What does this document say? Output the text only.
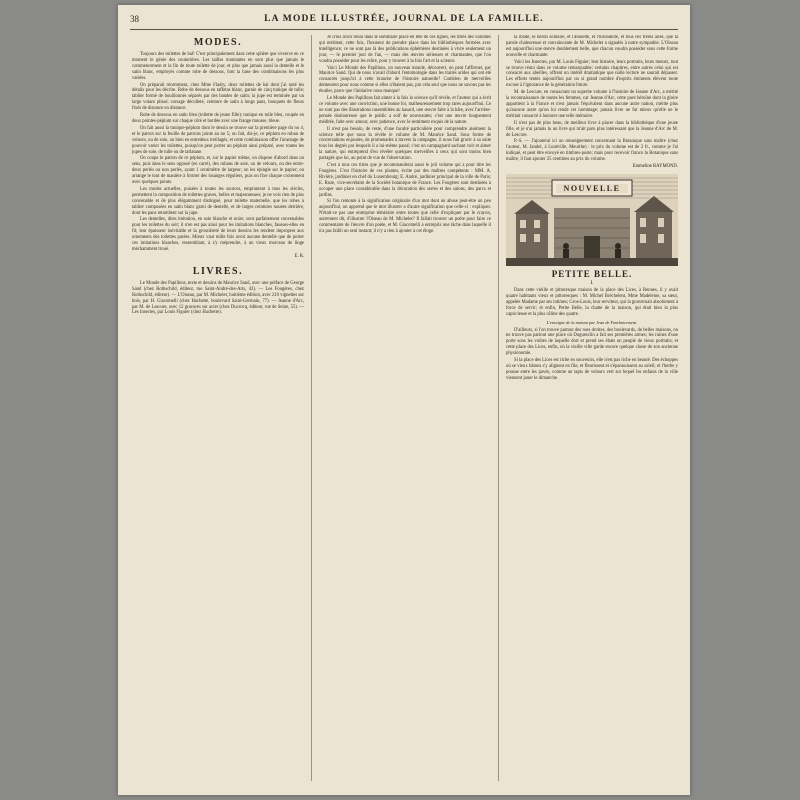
38	LA MODE ILLUSTRÉE, JOURNAL DE LA FAMILLE.
MODES.

Toujours des toilettes de bal! C'est principalement dans cette sphère que s'exerce en ce moment le génie des couturières. Les tailles montantes en sont plus que jamais le commencement et la fin de toute toilette de jour, et plus que jamais aussi la dentelle et le satin blanc, employés comme robe de dessous, font la base des combinaisons les plus variées.

On préparait récemment, chez Mme Fladry, deux toilettes de bal dont j'ai noté les détails pour les décrire. Robe de dessous en taffetas blanc, garnie de cinq tunique de tulle; tablier formé de bouillonnés séparés par des bandes de satin; la jupe est terminée par un large volant plissé; corsage décolleté, ceinture de satin à longs pans, bouquets de fleurs fixés de distance en distance.

Robe de dessous en satin bleu (toilette de jeune fille); tunique en tulle bleu, coupée en deux pointes-péplum sur chaque côté et bordée avec une frange mousse, bleue.

On fait aussi la tunique-péplum dont le dessin se trouve sur la première page du no 4, et le patron sur la feuille de patrons jointe au no 5; on fait, dis-je, ce péplum en ruban de velours, ou de soie, ou bien en entredeux treillagés, et cette combinaison offre l'avantage de pouvoir varier les toilettes, puisqu'on peut porter un péplum ainsi préparé, avec toutes les jupes de soie, de tulle ou de tarlatane.

On coupe le patron de ce péplum, et, sur le papier même, on dispose d'abord dans un sens, puis dans le sens opposé (en carré), des rubans de soie, ou de velours, ou des entre-deux perlés ou non perlés, ayant 1 centimètre de largeur; on les épingle sur le papier; on arrange le tout de manière à former des losanges réguliers, puis on fixe chaque croisement avec quelques points.

Les modes actuelles, puisées à toutes les sources, empruntent à tous les siècles, permettent la composition de toilettes graves, belles et majestueuses; je ne vois rien de plus convenable et de plus élégamment distingué, pour toilette maternelle, que les robes à tablier composées en satin blanc garni de dentelle, et de larges ceintures nouées derrière, dont les pans retombent sur la jupe.

Les dentelles, dites imitation, en soie blanche et noire, sont parfaitement convenables pour les toilettes du soir; il n'en est pas ainsi pour les imitations blanches, fausses-elles en fil; leur épaisseur inévitable et la grossièreté de leurs dessins les rendent impropres aux ornements des toilettes parées. Mieux vaut mille fois avoir aucune dentelle que de porter ces imitations blanches, ressemblant, à s'y méprendre, à un vieux morceau de linge méchamment troué.

E. R.
LIVRES.

Le Monde des Papillons, texte et dessins de Maurice Sand, avec une préface de George Sand (chez Rothschild, éditeur, rue Saint-André-des-Arts, 43). — Les Fougères, chez Rothschild, éditeur). — L'Oiseau, par M. Michelet, huitième édition, avec 210 vignettes sur bois, par H. Giacomelli (chez Hachette, boulevard Saint-Germain, 77). — Jeanne d'Arc, par M. de Lescure, avec 12 gravures sur acier (chez Ducrocq, éditeur, rue de Seine, 55). — Les Insectes, par Louis Figuier (chez Hachette).

Je crois avoir réuni dans le sommaire placé en tête de ces lignes, les titres des volumes qui méritent, cette fois, l'honneur de prendre place dans les bibliothèques formées avec intelligence; ce ne sont pas là des publications éphémères destinées à vivre seulement un jour, — le premier jour de l'an, — mais des œuvres sérieuses et charmantes, que l'on voudra posséder pour les relire, pour y trouver à la fois l'art et la science.

Voici Le Monde des Papillons, un nouveau monde, découvert, on peut l'affirmer, par Maurice Sand. Qui de nous n'avait d'abord l'entomologie dans les traités arides qui ont été consacrés jusqu'ici à cette branche de l'histoire naturelle? Combien de merveilles demeurent pour nous comme si elles n'étaient pas, par cela seul que nous ne savons pas les étudier, parce que l'initiative nous manque!

Le Monde des Papillons fait aimer à la fois la science qu'il révèle, et l'auteur qui a écrit ce volume avec une conviction, une bonne foi, malheureusement trop rares aujourd'hui. Ce ne sont pas des illustrations rassemblées au hasard, une œuvre faite à la hâte, avec l'arrière-pensée douloureuse que le public a soif de nouveautés; c'est une œuvre longuement méditée, faite avec amour, avec patience, avec le sentiment exquis de la nature.

Il n'est pas besoin, de reste, d'une faculté particulière pour comprendre aisément la science telle que nous la révèle le volume de M. Maurice Sand. Sous forme de conversations enjouées, de promenades à travers la campagne, il nous fait gravir à sa suite tous les degrés par lesquels il a lui-même passé; c'est un campagnard sachant voir et aimer la nature, qui entreprend d'en révéler quelques merveilles à ceux qui sont moins bien partagés que lui, au point de vue de l'observation.

C'est à tous ces titres que je recommanderai aussi le joli volume qui a pour titre les Fougères. C'est l'histoire de ces plantes, écrite par des maîtres compétents : MM. A. Rivière, jardinier en chef du Luxembourg; E. André, jardinier principal de la ville de Paris; E. Roze, vice-secrétaire de la Société botanique de France. Les Fougères sont destinées à occuper une place considérable dans la décoration des serres et des salons, des parcs et jardins.

Si l'on remonte à la signification originaire d'un mot dont on abuse peut-être un peu aujourd'hui, on apprend que le mot illustrer a d'autre signification que celle-ci : expliquer. N'était-ce pas une entreprise téméraire entre toutes que celle d'expliquer par le crayon, autrement dit, d'illustrer l'Oiseau de M. Michelet? Il fallait trouver un poète pour faire ce commentaire de l'œuvre d'un poète, et M. Giacomelli a entrepris une tâche dans laquelle il n'a pas faibli un seul instant; il n'y a rien à ajouter à cet éloge.

la mode, le héron solitaire, et l'alouette, et l'hirondelle, et tous ces frères ailés, que la parole chaleureuse et convaincante de M. Michelet a signalés à notre sympathie. L'Oiseau est aujourd'hui une œuvre doublement belle, que chacun voudra posséder sous cette forme nouvelle et charmante.

Voici les Insectes, par M. Louis Figuier; leur histoire, leurs portraits, leurs mœurs, tout se trouve réuni dans ce volume remarquable; certains chapitres, entre autres celui qui est consacré aux abeilles, offrent un intérêt dramatique que nulle lecture ne saurait dépasser. Les efforts tentés aujourd'hui par un si grand nombre d'esprits éminents élèvent toute excuse à l'ignorance de la génération future.

M. de Lescure, en consacrant un superbe volume à l'histoire de Jeanne d'Arc, a mérité la reconnaissance de toutes les femmes, car Jeanne d'Arc, cette pure héroïne dont la gloire appartient à la France et n'est jamais l'équivalent dans aucune autre nation, mérite plus qu'aucune autre qu'on lui rende cet hommage; jamais livre ne fut mieux qu'elle ne le méritait consacré à honorer une telle mémoire.

Il n'est pas de plus beau, de meilleur livre à placer dans la bibliothèque d'une jeune fille, et je n'ai jamais lu un livre qui m'ait paru plus intéressant que la Jeanne d'Arc de M. de Lescure.

P.-S. — J'ajouterai ici un renseignement concernant la Botanique sans maître (chez l'auteur, M. Jandel, à Lunéville, Meurthe) : le prix du volume est de 2 fr., comme je l'ai indiqué, et peut être envoyé en timbres-poste; mais pour recevoir franco la Botanique sans maître, il faut ajouter 25 centimes au prix du volume.

Emmeline RAYMOND.
NOUVELLE
PETITE BELLE.
I.

Dans cette vieille et pittoresque maison de la place des Lices, à Rennes, il y avait quatre habitants vieux et pittoresques : M. Michel Bréchelent, Mme Madeleine, sa sœur, appelée Madame par ses intimes; Gros-Louis, leur serviteur, qui la gouvernait absolument à force de servir; et enfin, Petite Belle, la chatte de la maison, qui était bien la plus capricieuse et la plus câline des quatre.

L'enseigne de la maison par Jean de Fontlancement.

D'ailleurs, si l'on trouve partout des rues droites, des boulevards, de belles maisons, on ne trouve pas partout une place où Duguesclin a fait ses premières armes; les ruines d'une porte sous les voûtes de laquelle dort et prend ses ébats un peuple de vieux portraits; et cette place des Lices, enfin, où la vieille ville garde encore quelque chose de son ancienne physionomie.

Si la place des Lices est riche en souvenirs, elle n'est pas riche en beauté. Des échoppes où se vieux bâtons s'y alignent en file, et fleurissent et s'épanouissent au soleil; et l'herbe y pousse entre les pavés, comme un tapis de velours vert sur lequel les enfants de la ville viennent jouer le dimanche.
